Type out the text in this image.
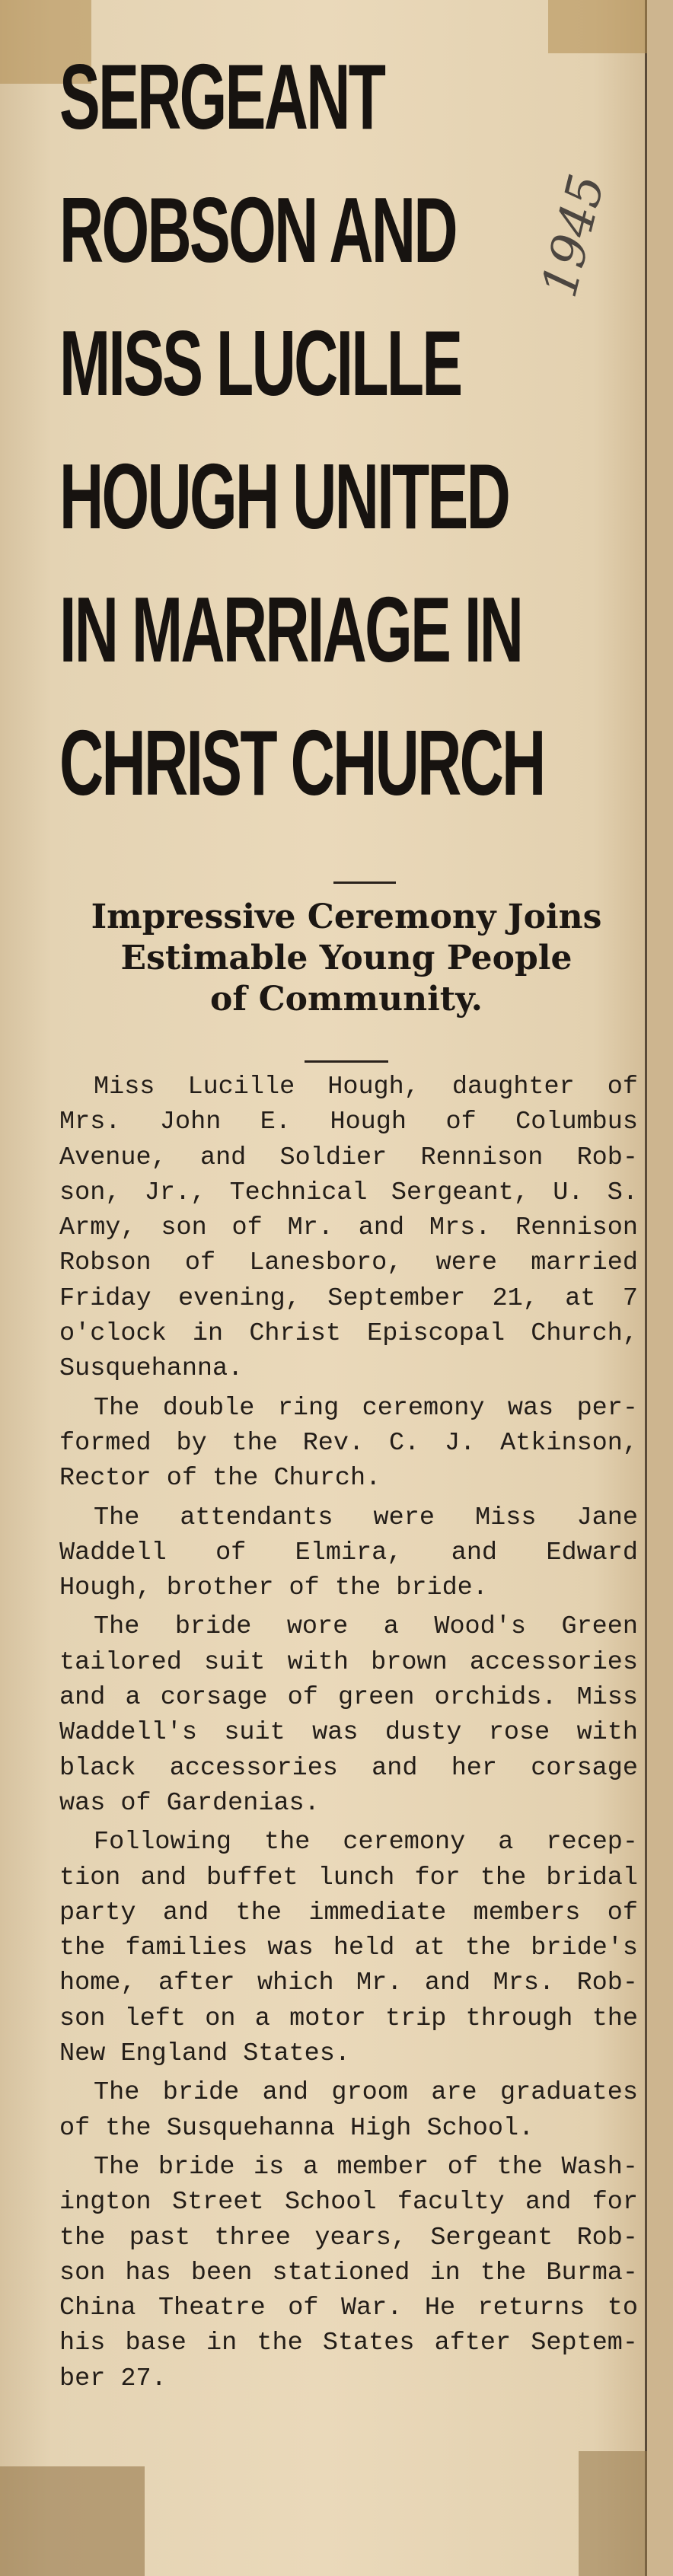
SERGEANT
ROBSON AND
MISS LUCILLE
HOUGH UNITED
IN MARRIAGE IN
CHRIST CHURCH
1945
Impressive Ceremony Joins
Estimable Young People
of Community.

Miss Lucille Hough, daughter of
Mrs. John E. Hough of Columbus
Avenue, and Soldier Rennison Rob-
son, Jr., Technical Sergeant, U. S.
Army, son of Mr. and Mrs. Rennison
Robson of Lanesboro, were married
Friday evening, September 21, at 7
o'clock in Christ Episcopal Church,
Susquehanna.

The double ring ceremony was per-
formed by the Rev. C. J. Atkinson,
Rector of the Church.

The attendants were Miss Jane
Waddell of Elmira, and Edward
Hough, brother of the bride.

The bride wore a Wood's Green
tailored suit with brown accessories
and a corsage of green orchids. Miss
Waddell's suit was dusty rose with
black accessories and her corsage
was of Gardenias.

Following the ceremony a recep-
tion and buffet lunch for the bridal
party and the immediate members of
the families was held at the bride's
home, after which Mr. and Mrs. Rob-
son left on a motor trip through the
New England States.

The bride and groom are graduates
of the Susquehanna High School.

The bride is a member of the Wash-
ington Street School faculty and for
the past three years, Sergeant Rob-
son has been stationed in the Burma-
China Theatre of War. He returns to
his base in the States after Septem-
ber 27.
